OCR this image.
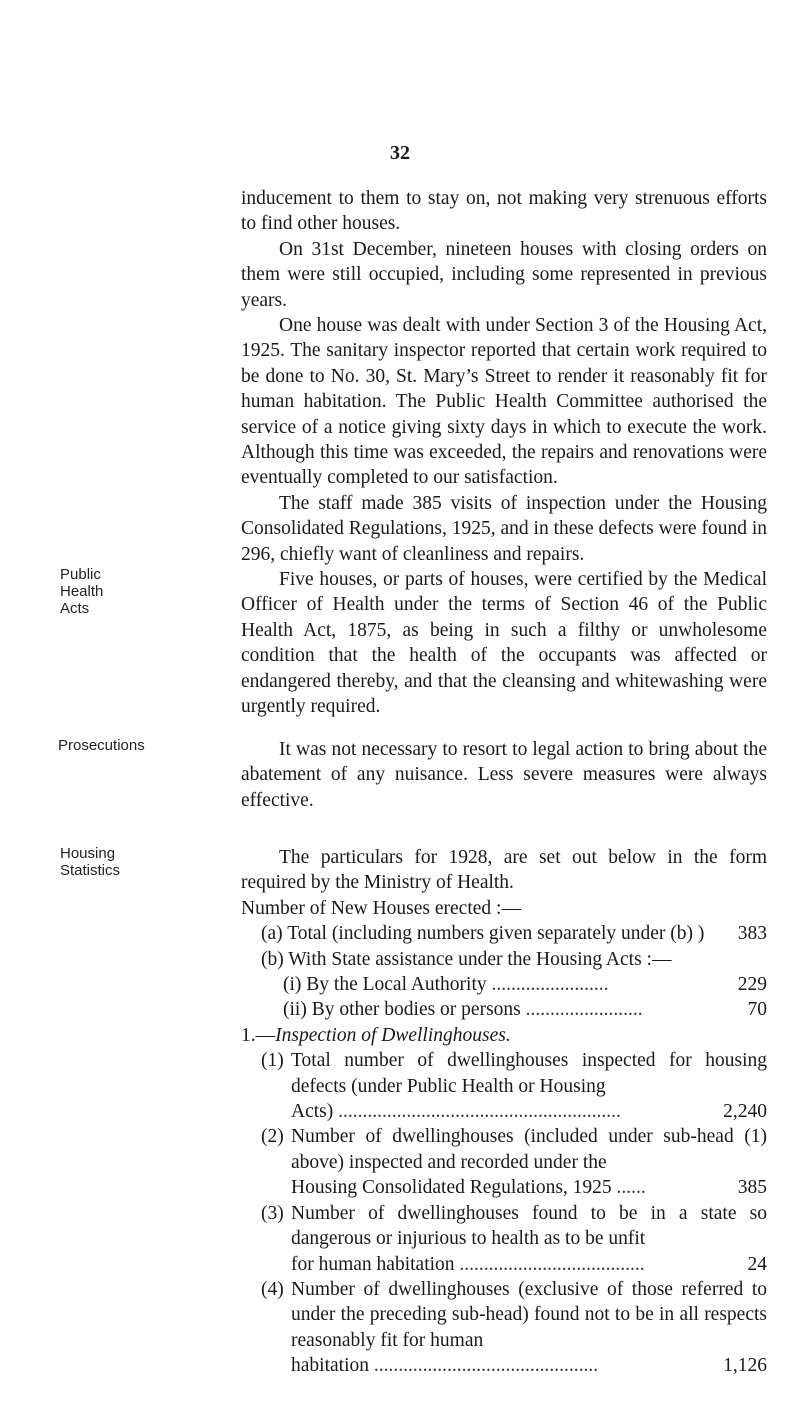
32

inducement to them to stay on, not making very strenuous efforts to find other houses.

On 31st December, nineteen houses with closing orders on them were still occupied, including some represented in previous years.

One house was dealt with under Section 3 of the Housing Act, 1925. The sanitary inspector reported that certain work required to be done to No. 30, St. Mary’s Street to render it reasonably fit for human habitation. The Public Health Committee authorised the service of a notice giving sixty days in which to execute the work. Although this time was exceeded, the repairs and renovations were eventually completed to our satisfaction.

The staff made 385 visits of inspection under the Housing Consolidated Regulations, 1925, and in these defects were found in 296, chiefly want of cleanliness and repairs.

Public
Health
Acts

Five houses, or parts of houses, were certified by the Medical Officer of Health under the terms of Section 46 of the Public Health Act, 1875, as being in such a filthy or unwholesome condition that the health of the occupants was affected or endangered thereby, and that the cleansing and whitewashing were urgently required.

Prosecutions	It was not necessary to resort to legal action to bring about the abatement of any nuisance. Less severe measures were always effective.

Housing
Statistics

The particulars for 1928, are set out below in the form required by the Ministry of Health.

Number of New Houses erected :—

(a) Total (including numbers given separately under (b) )	383
(b) With State assistance under the Housing Acts :—
(i) By the Local Authority ........................	229
(ii) By other bodies or persons ........................	70

1.—Inspection of Dwellinghouses.

(1) Total number of dwellinghouses inspected for housing defects (under Public Health or Housing
Acts) ..........................................................	2,240
(2) Number of dwellinghouses (included under sub-head (1) above) inspected and recorded under the
Housing Consolidated Regulations, 1925 ......	385
(3) Number of dwellinghouses found to be in a state so dangerous or injurious to health as to be unfit
for human habitation ......................................	24
(4) Number of dwellinghouses (exclusive of those referred to under the preceding sub-head) found not to be in all respects reasonably fit for human
habitation ..............................................	1,126
